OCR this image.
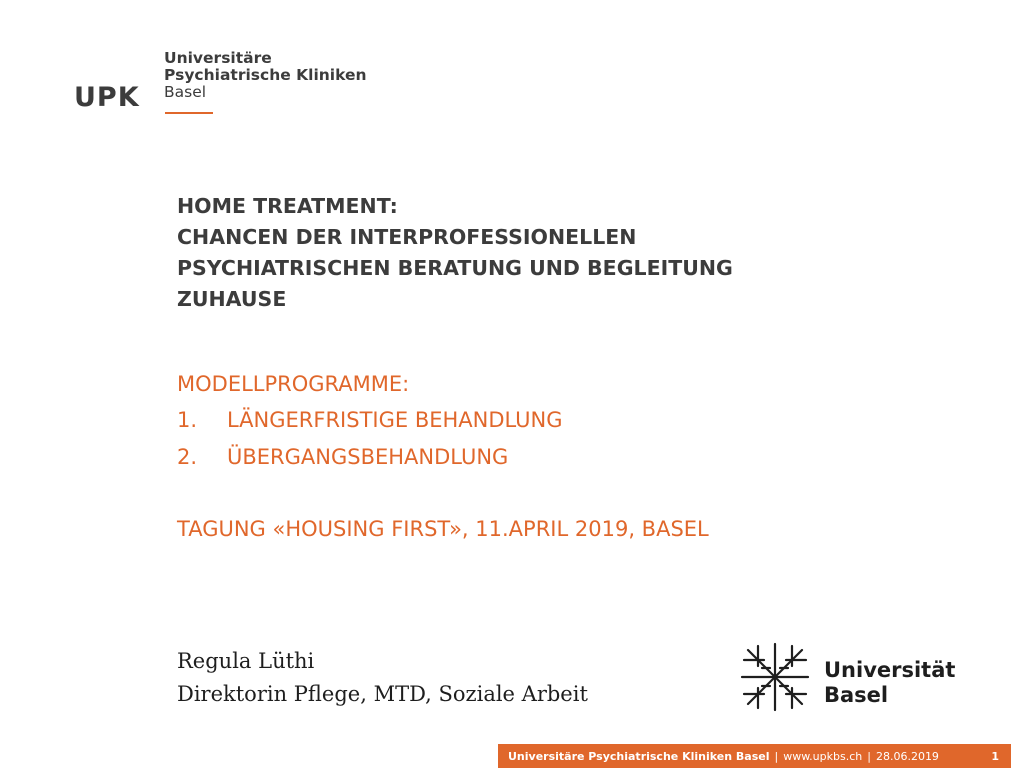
UPK
Universitäre
Psychiatrische Kliniken
Basel
HOME TREATMENT:
CHANCEN DER INTERPROFESSIONELLEN
PSYCHIATRISCHEN BERATUNG UND BEGLEITUNG
ZUHAUSE
MODELLPROGRAMME:
1.	LÄNGERFRISTIGE BEHANDLUNG
2.	ÜBERGANGSBEHANDLUNG
TAGUNG «HOUSING FIRST», 11.APRIL 2019, BASEL
Regula Lüthi
Direktorin Pflege, MTD, Soziale Arbeit
Universität
Basel
Universitäre Psychiatrische Kliniken Basel | www.upkbs.ch | 28.06.2019	1
